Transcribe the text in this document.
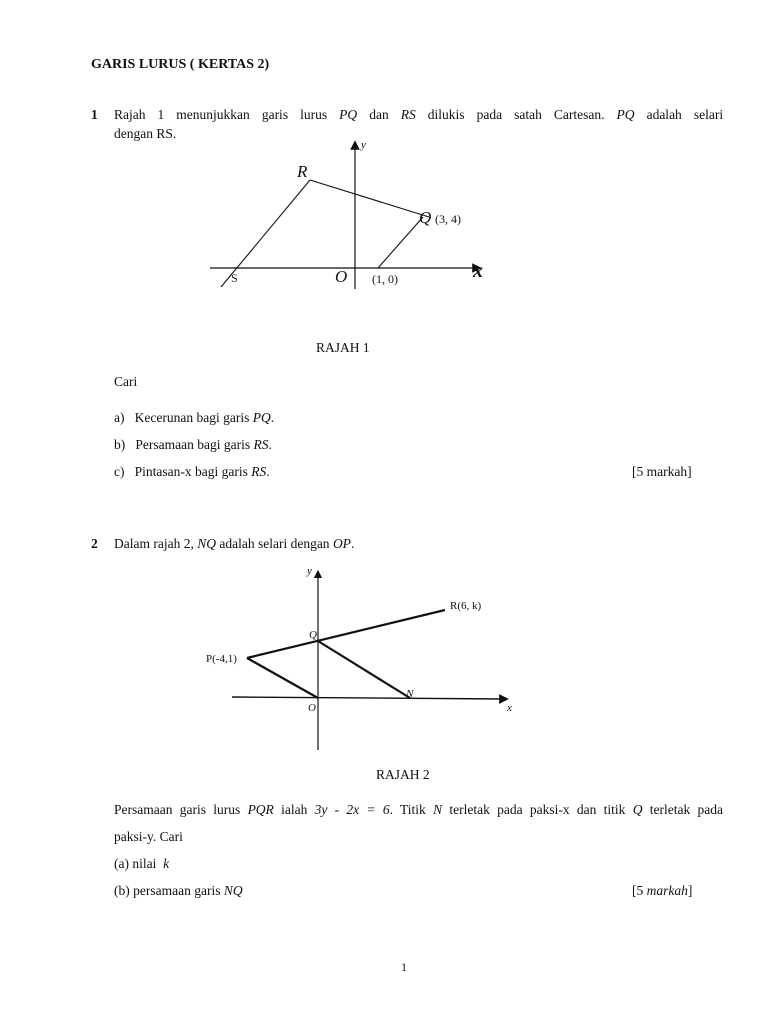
GARIS LURUS ( KERTAS 2)
1 Rajah 1 menunjukkan garis lurus PQ dan RS dilukis pada satah Cartesan. PQ adalah selari
dengan RS.
y
x
R
Q (3, 4)
S	O (1, 0)
RAJAH 1
Cari
a) Kecerunan bagi garis PQ.
b) Persamaan bagi garis RS.
c) Pintasan-x bagi garis RS.	[5 markah]
2 Dalam rajah 2, NQ adalah selari dengan OP.
y
x
R(6, k)
Q
P(-4,1)
O
N
RAJAH 2
Persamaan garis lurus PQR ialah 3y - 2x = 6. Titik N terletak pada paksi-x dan titik Q terletak pada
paksi-y. Cari
(a) nilai k
(b) persamaan garis NQ	[5 markah]
1
